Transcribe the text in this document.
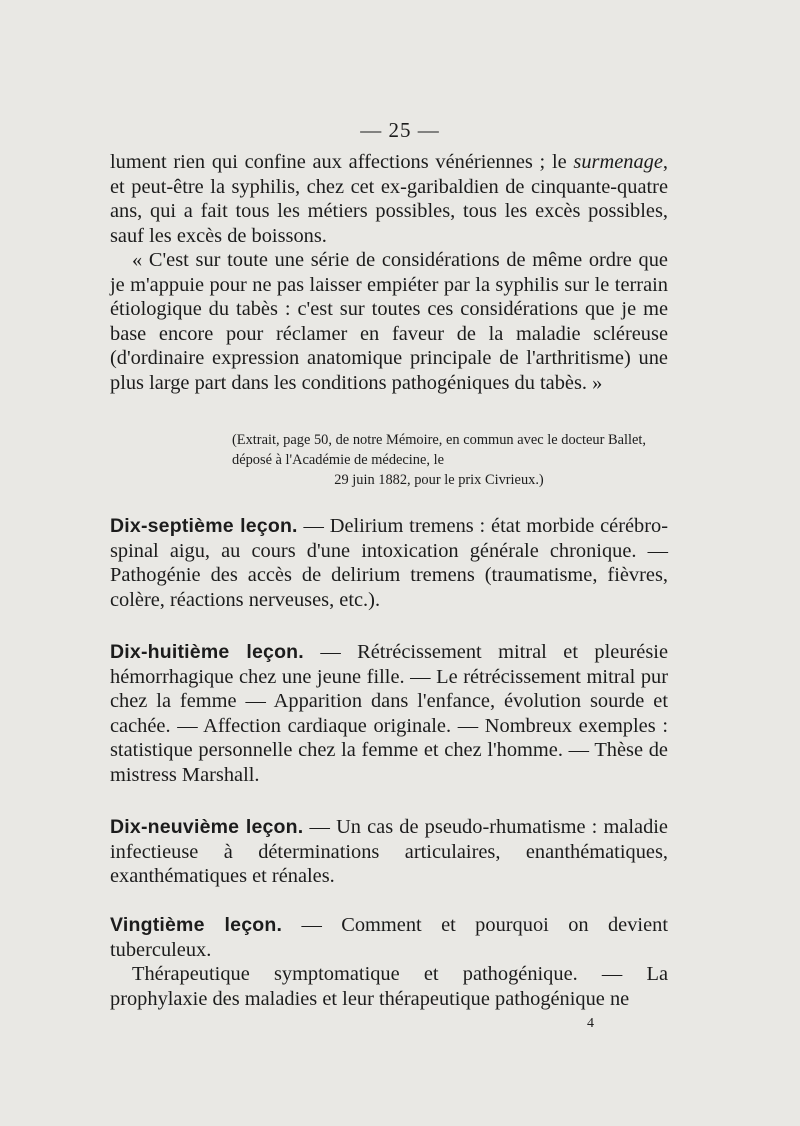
— 25 —

lument rien qui confine aux affections vénériennes ; le surmenage, et peut-être la syphilis, chez cet ex-garibaldien de cinquante-quatre ans, qui a fait tous les métiers possibles, tous les excès possibles, sauf les excès de boissons.

« C'est sur toute une série de considérations de même ordre que je m'appuie pour ne pas laisser empiéter par la syphilis sur le terrain étiologique du tabès : c'est sur toutes ces considérations que je me base encore pour réclamer en faveur de la maladie scléreuse (d'ordinaire expression anatomique principale de l'arthritisme) une plus large part dans les conditions pathogéniques du tabès. »

(Extrait, page 50, de notre Mémoire, en commun avec le docteur Ballet, déposé à l'Académie de médecine, le
29 juin 1882, pour le prix Civrieux.)

Dix-septième leçon. — Delirium tremens : état morbide cérébro-spinal aigu, au cours d'une intoxication générale chronique. — Pathogénie des accès de delirium tremens (traumatisme, fièvres, colère, réactions nerveuses, etc.).

Dix-huitième leçon. — Rétrécissement mitral et pleurésie hémorrhagique chez une jeune fille. — Le rétrécissement mitral pur chez la femme — Apparition dans l'enfance, évolution sourde et cachée. — Affection cardiaque originale. — Nombreux exemples : statistique personnelle chez la femme et chez l'homme. — Thèse de mistress Marshall.

Dix-neuvième leçon. — Un cas de pseudo-rhumatisme : maladie infectieuse à déterminations articulaires, enanthématiques, exanthématiques et rénales.

Vingtième leçon. — Comment et pourquoi on devient tuberculeux.

Thérapeutique symptomatique et pathogénique. — La prophylaxie des maladies et leur thérapeutique pathogénique ne

4
